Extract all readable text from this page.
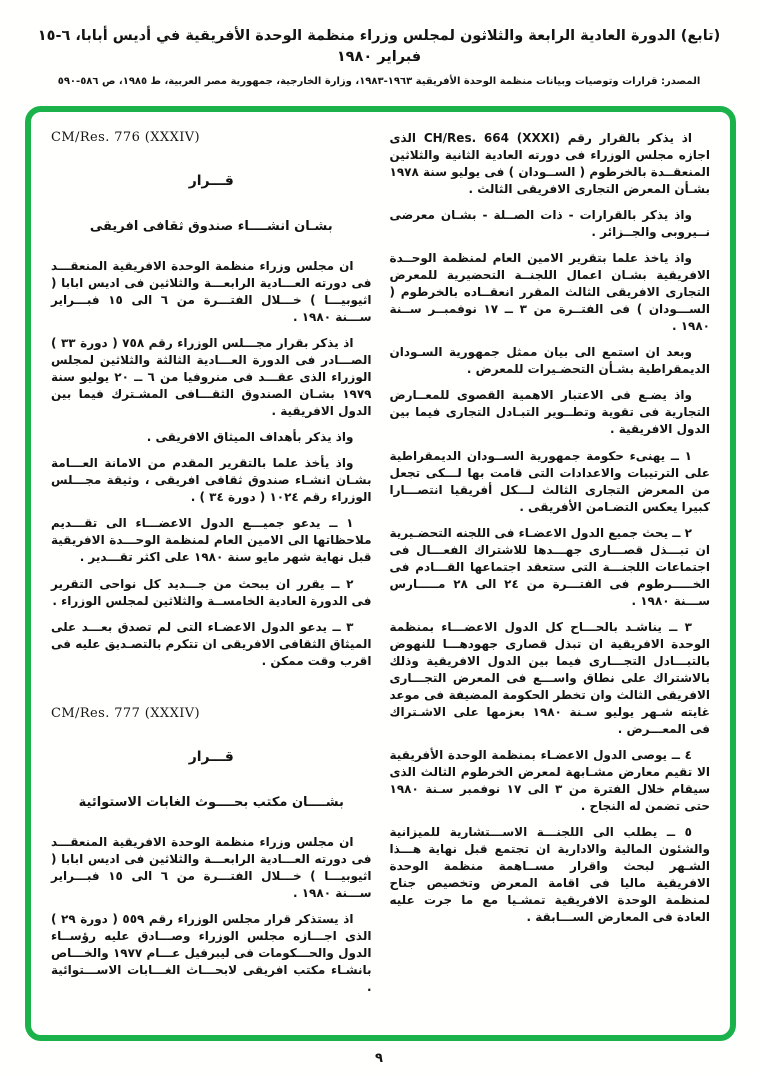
(تابع) الدورة العادية الرابعة والثلاثون لمجلس وزراء منظمة الوحدة الأفريقية في أديس أبابا، ٦-١٥ فبراير ١٩٨٠
المصدر: قرارات وتوصيات وبيانات منظمة الوحدة الأفريقية ١٩٦٣-١٩٨٣، وزارة الخارجية، جمهورية مصر العربية، ط ١٩٨٥، ص ٥٨٦-٥٩٠

اذ يذكر بالقرار رقم ‎CH/Res. 664 (XXXI)‎ الذى اجازه مجلس الوزراء فى دورته العادية الثانية والثلاثين المنعقــدة بالخرطوم ( الســودان ) فى يوليو سنة ١٩٧٨ بشـأن المعرض التجارى الافريقى الثالث .

واذ يذكر بالقرارات - ذات الصــلة - بشـان معرضى نــيروبى والجــزائر .

واذ ياخذ علما بتقرير الامين العام لمنظمة الوحــدة الافريقية بشـان اعمال اللجنــة التحضيرية للمعرض التجارى الافريقى الثالث المقرر انعقــاده بالخرطوم ( الســـودان ) فى الفتــرة من ٣ ــ ١٧ نوفمبــر ســنة ١٩٨٠ .

وبعد ان استمع الى بيان ممثل جمهورية السـودان الديمقراطية بشـأن التحضـيرات للمعرض .

واذ يضـع فى الاعتبار الاهمية القصوى للمعــارض التجارية فى تقوية وتطــوير التبـادل التجارى فيما بين الدول الافريقية .

١ ــ يهنىء حكومة جمهورية الســودان الديمقراطية على الترتيبات والاعدادات التى قامت بها لـــكى تجعل من المعرض التجارى الثالث لـــكل أفريقيا انتصـــارا كبيرا يعكس التضـامن الأفريقى .

٢ ــ يحث جميع الدول الاعضـاء فى اللجنه التحضـيرية ان تبـــذل قصـــارى جهـــدها للاشتراك الفعـــال فى اجتماعات اللجنـــة التى ستعقد اجتماعها القـــادم فى الخـــــرطوم فى الفتـــرة من ٢٤ الى ٢٨ مـــــارس ســـنة ١٩٨٠ .

٣ ــ يناشـد بالحـــاح كل الدول الاعضـــاء بمنظمة الوحدة الافريقية ان تبذل قصارى جهودهـــا للنهوض بالتبـــادل التجـــارى فيما بين الدول الافريقية وذلك بالاشتراك على نطاق واســـع فى المعرض التجـــارى الافريقى الثالث وان تخطر الحكومة المضيفة فى موعد غايته شـهر يوليو سـنة ١٩٨٠ بعزمها على الاشـتراك فى المعـــرض .

٤ ــ يوصى الدول الاعضـاء بمنظمة الوحدة الأفريقية الا تقيم معارض مشـابهة لمعرض الخرطوم الثالث الذى سيقام خلال الفترة من ٣ الى ١٧ نوفمبر سـنة ١٩٨٠ حتى تضمن له النجاح .

٥ ــ يطلب الى اللجنـــة الاســـتشارية للميزانية والشئون المالية والادارية ان تجتمع قبل نهاية هـــذا الشـهر لبحث واقرار مســاهمة منظمة الوحدة الافريقية ماليا فى اقامة المعرض وتخصيص جناح لمنظمة الوحدة الافريقية تمشـيا مع ما جرت عليه العادة فى المعارض الســـابقة .

CM/Res. 776 (XXXIV)
قـــرار
بشـان انشــــاء صندوق ثقافى افريقى

ان مجلس وزراء منظمة الوحدة الافريقية المنعقـــد فى دورته العـــادية الرابعـــة والثلاثين فى اديس ابابا ( اثيوبيـــا ) خـــلال الفتـــرة من ٦ الى ١٥ فبـــراير ســـنة ١٩٨٠ .

اذ يذكر بقرار مجـــلس الوزراء رقم ٧٥٨ ( دورة ٣٣ ) الصـــادر فى الدورة العـــادية الثالثة والثلاثين لمجلس الوزراء الذى عقـــد فى منروفيا من ٦ ــ ٢٠ يوليو سنة ١٩٧٩ بشـان الصندوق الثقـــافى المشـترك فيما بين الدول الافريقية .

واذ يذكر بأهداف الميثاق الافريقى .

واذ يأخذ علما بالتقرير المقدم من الامانة العـــامة بشـان انشـاء صندوق ثقافى افريقى ، وثيقة مجـــلس الوزراء رقم ١٠٢٤ ( دورة ٣٤ ) .

١ ــ يدعو جميـــع الدول الاعضـــاء الى تقـــديم ملاحظاتها الى الامين العام لمنظمة الوحـــدة الافريقية قبل نهاية شهر مايو سنة ١٩٨٠ على اكثر تقـــدير .

٢ ــ يقرر ان يبحث من جـــديد كل نواحى التقرير فى الدورة العادية الخامســة والثلاثين لمجلس الوزراء .

٣ ــ يدعو الدول الاعضـاء التى لم تصدق بعـــد على الميثاق الثقافى الافريقى ان تتكرم بالتصـديق عليه فى اقرب وقت ممكن .

CM/Res. 777 (XXXIV)
قـــرار
بشــــان مكتب بحــــوث الغابات الاستوائية

ان مجلس وزراء منظمة الوحدة الافريقية المنعقـــد فى دورته العـــادية الرابعـــة والثلاثين فى اديس ابابا ( اثيوبيـــا ) خـــلال الفتـــرة من ٦ الى ١٥ فبـــراير ســـنة ١٩٨٠ .

اذ يستذكر قرار مجلس الوزراء رقم ٥٥٩ ( دورة ٢٩ ) الذى اجـــازه مجلس الوزراء وصـــادق عليه رؤســاء الدول والحـــكومات فى ليبرفيل عـــام ١٩٧٧ والخـــاص بانشـاء مكتب افريقى لابحـــاث الغـــابات الاســـتوائية .

٩
